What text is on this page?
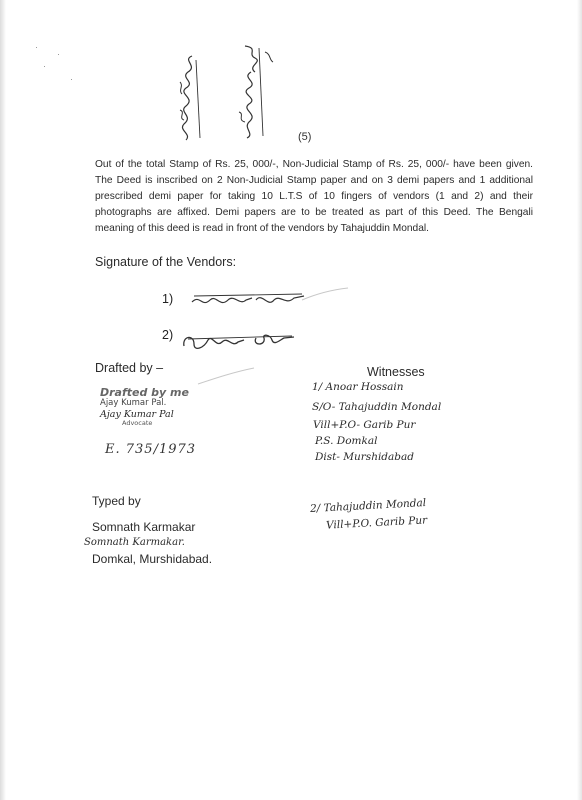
(5)
Out of the total Stamp of Rs. 25, 000/-, Non-Judicial Stamp of Rs. 25, 000/- have been given. The Deed is inscribed on 2 Non-Judicial Stamp paper and on 3 demi papers and 1 additional prescribed demi paper for taking 10 L.T.S of 10 fingers of vendors (1 and 2) and their photographs are affixed. Demi papers are to be treated as part of this Deed. The Bengali meaning of this deed is read in front of the vendors by Tahajuddin Mondal.
Signature of the Vendors:
1)
2)
Drafted by –
Drafted by me
Ajay Kumar Pal.
Ajay Kumar Pal
Advocate
E. 735/1973
Witnesses
1/ Anoar Hossain
S/O- Tahajuddin Mondal
Vill+P.O- Garib Pur
P.S. Domkal
Dist- Murshidabad
2/ Tahajuddin Mondal
Vill+P.O. Garib Pur
Typed by
Somnath Karmakar
Somnath Karmakar.
Domkal, Murshidabad.
